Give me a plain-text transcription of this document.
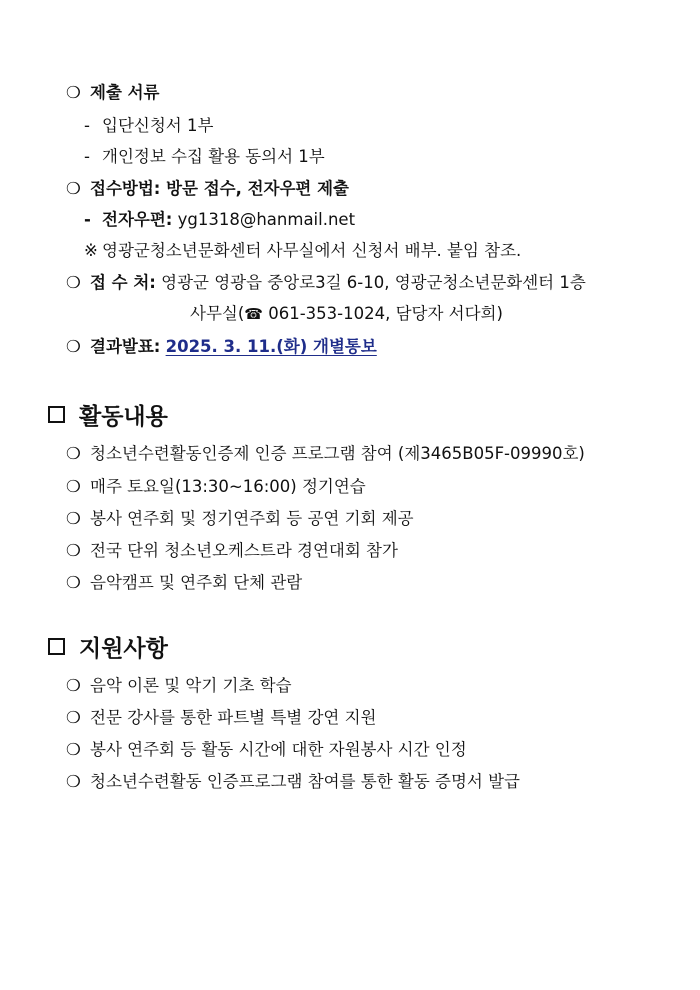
❍ 제출 서류
- 입단신청서 1부
- 개인정보 수집 활용 동의서 1부
❍ 접수방법: 방문 접수, 전자우편 제출
- 전자우편: yg1318@hanmail.net
※ 영광군청소년문화센터 사무실에서 신청서 배부. 붙임 참조.
❍ 접 수 처: 영광군 영광읍 중앙로3길 6-10, 영광군청소년문화센터 1층
사무실(☎ 061-353-1024, 담당자 서다희)
❍ 결과발표: 2025. 3. 11.(화) 개별통보
활동내용
❍ 청소년수련활동인증제 인증 프로그램 참여 (제3465B05F-09990호)
❍ 매주 토요일(13:30~16:00) 정기연습
❍ 봉사 연주회 및 정기연주회 등 공연 기회 제공
❍ 전국 단위 청소년오케스트라 경연대회 참가
❍ 음악캠프 및 연주회 단체 관람
지원사항
❍ 음악 이론 및 악기 기초 학습
❍ 전문 강사를 통한 파트별 특별 강연 지원
❍ 봉사 연주회 등 활동 시간에 대한 자원봉사 시간 인정
❍ 청소년수련활동 인증프로그램 참여를 통한 활동 증명서 발급
